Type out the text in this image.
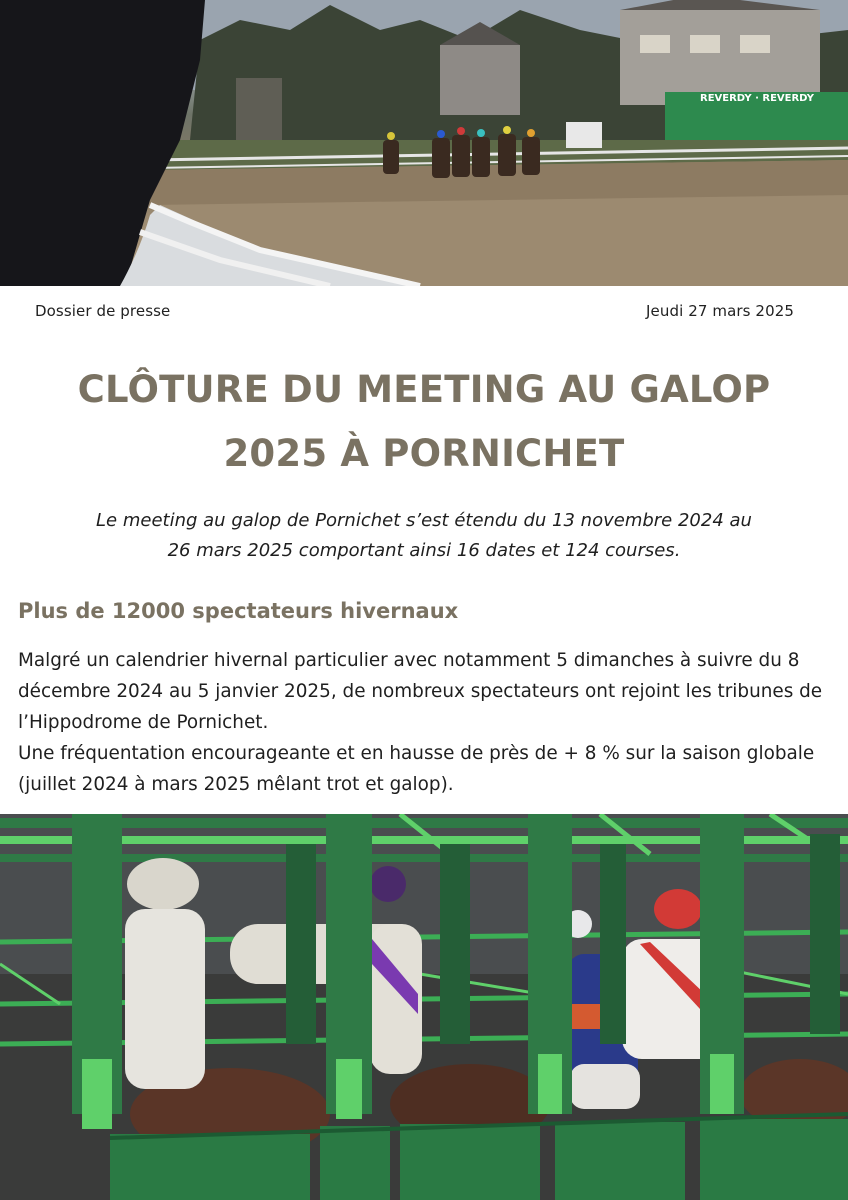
REVERDY · REVERDY
Dossier de presse	Jeudi 27 mars 2025
CLÔTURE DU MEETING AU GALOP
2025 À PORNICHET

Le meeting au galop de Pornichet s’est étendu du 13 novembre 2024 au
26 mars 2025 comportant ainsi 16 dates et 124 courses.

Plus de 12000 spectateurs hivernaux

Malgré un calendrier hivernal particulier avec notamment 5 dimanches à suivre du 8 décembre 2024 au 5 janvier 2025, de nombreux spectateurs ont rejoint les tribunes de l’Hippodrome de Pornichet.

Une fréquentation encourageante et en hausse de près de + 8 % sur la saison globale (juillet 2024 à mars 2025 mêlant trot et galop).
